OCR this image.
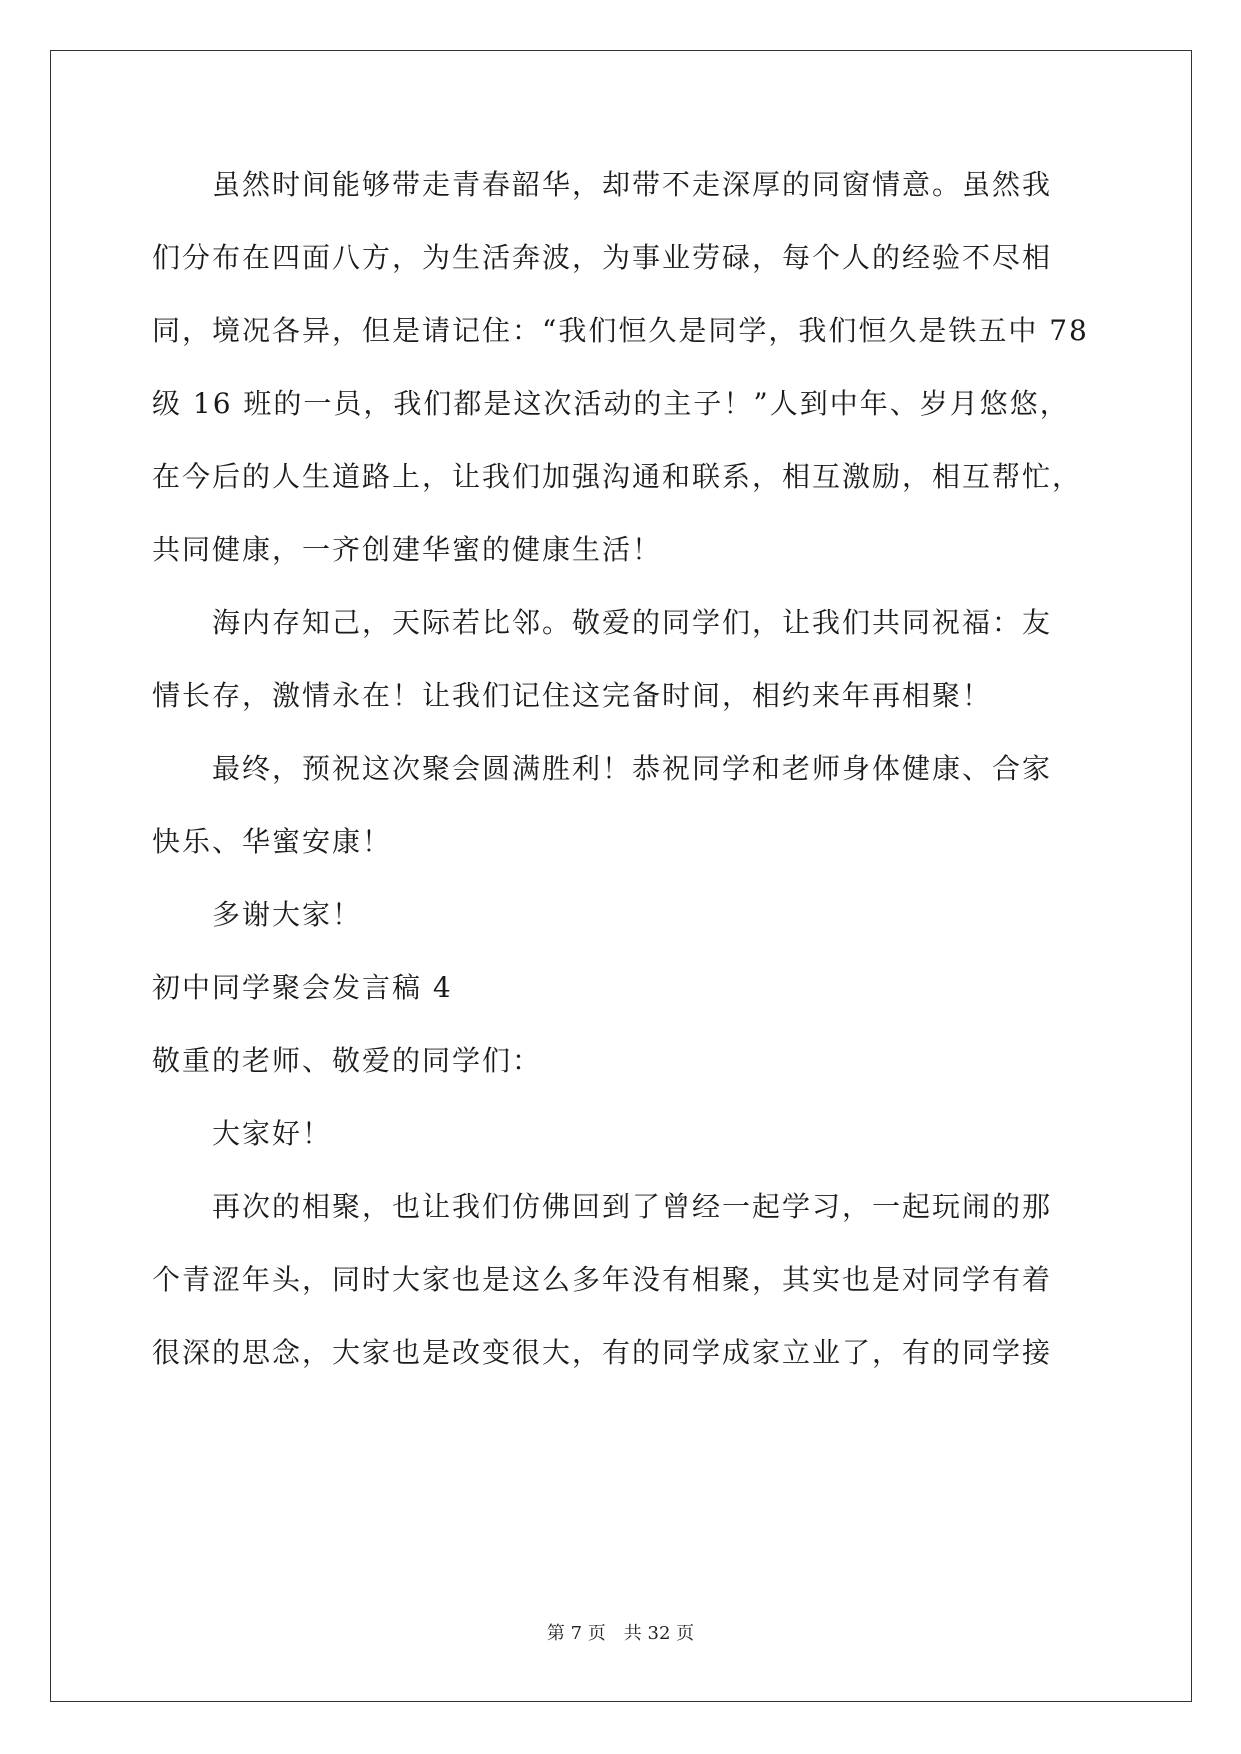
　　虽然时间能够带走青春韶华，却带不走深厚的同窗情意。虽然我
们分布在四面八方，为生活奔波，为事业劳碌，每个人的经验不尽相
同，境况各异，但是请记住：“我们恒久是同学，我们恒久是铁五中 78
级 16 班的一员，我们都是这次活动的主子！”人到中年、岁月悠悠，
在今后的人生道路上，让我们加强沟通和联系，相互激励，相互帮忙，
共同健康，一齐创建华蜜的健康生活！
　　海内存知己，天际若比邻。敬爱的同学们，让我们共同祝福：友
情长存，激情永在！让我们记住这完备时间，相约来年再相聚！
　　最终，预祝这次聚会圆满胜利！恭祝同学和老师身体健康、合家
快乐、华蜜安康！
　　多谢大家！
初中同学聚会发言稿 4
敬重的老师、敬爱的同学们：
　　大家好！
　　再次的相聚，也让我们仿佛回到了曾经一起学习，一起玩闹的那
个青涩年头，同时大家也是这么多年没有相聚，其实也是对同学有着
很深的思念，大家也是改变很大，有的同学成家立业了，有的同学接
第 7 页　共 32 页
